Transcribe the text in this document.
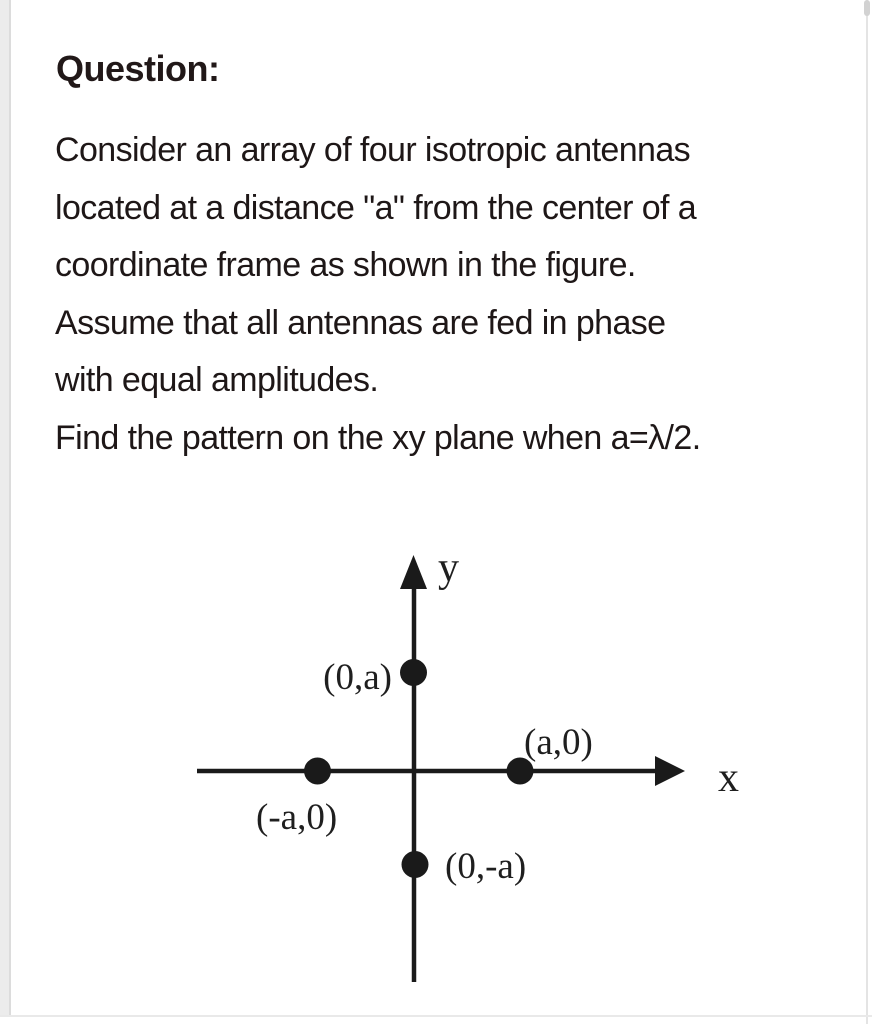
Question:
Consider an array of four isotropic antennas
located at a distance "a" from the center of a
coordinate frame as shown in the figure.
Assume that all antennas are fed in phase
with equal amplitudes.
Find the pattern on the xy plane when a=λ/2.
y
x
(0,a)
(a,0)
(-a,0)
(0,-a)
